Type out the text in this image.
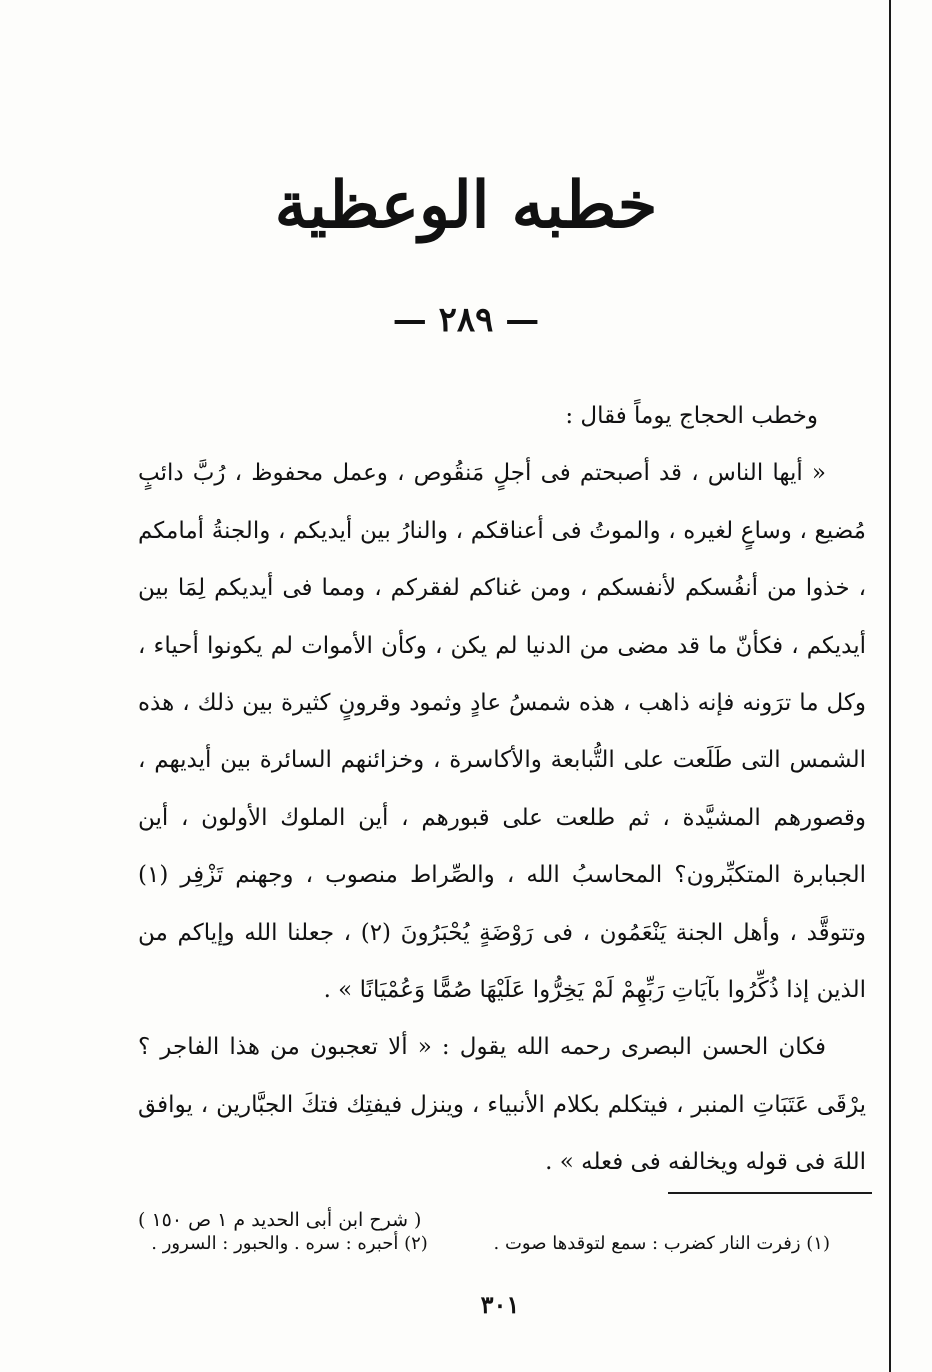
خطبه الوعظية
— ٢٨٩ —

وخطب الحجاج يوماً فقال :

« أيها الناس ، قد أصبحتم فى أجلٍ مَنقُوص ، وعمل محفوظ ، رُبَّ دائبٍ مُضيع ، وساعٍ لغيره ، والموتُ فى أعناقكم ، والنارُ بين أيديكم ، والجنةُ أمامكم ، خذوا من أنفُسكم لأنفسكم ، ومن غناكم لفقركم ، ومما فى أيديكم لِمَا بين أيديكم ، فكأنّ ما قد مضى من الدنيا لم يكن ، وكأن الأموات لم يكونوا أحياء ، وكل ما ترَونه فإنه ذاهب ، هذه شمسُ عادٍ وثمود وقرونٍ كثيرة بين ذلك ، هذه الشمس التى طَلَعت على التُّبابعة والأكاسرة ، وخزائنهم السائرة بين أيديهم ، وقصورهم المشيَّدة ، ثم طلعت على قبورهم ، أين الملوك الأولون ، أين الجبابرة المتكبِّرون؟ المحاسبُ الله ، والصِّراط منصوب ، وجهنم تَزْفِر (١) وتتوقَّد ، وأهل الجنة يَنْعَمُون ، فى رَوْضَةٍ يُحْبَرُونَ (٢) ، جعلنا الله وإياكم من الذين إذا ذُكِّرُوا بآيَاتِ رَبِّهِمْ لَمْ يَخِرُّوا عَلَيْهَا صُمًّا وَعُمْيَانًا » .

فكان الحسن البصرى رحمه الله يقول : « ألا تعجبون من هذا الفاجر ؟ يرْقَى عَتَبَاتِ المنبر ، فيتكلم بكلام الأنبياء ، وينزل فيفتِك فتكَ الجبَّارين ، يوافق اللهَ فى قوله ويخالفه فى فعله » .

( شرح ابن أبى الحديد م ١ ص ١٥٠ )
(١) زفرت النار كضرب : سمع لتوقدها صوت . (٢) أحبره : سره . والحبور : السرور .
٣٠١
